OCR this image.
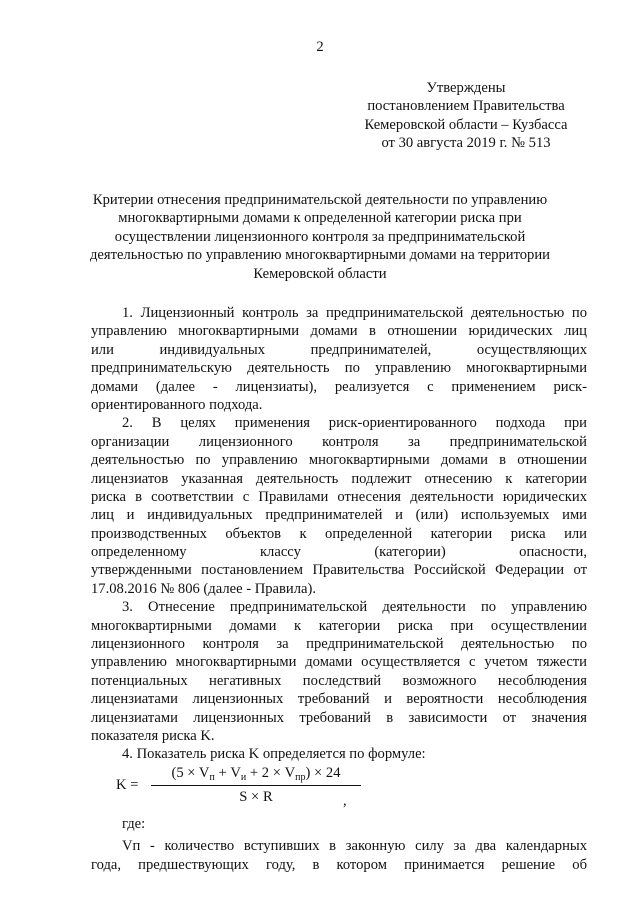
2
Утверждены
постановлением Правительства
Кемеровской области – Кузбасса
от 30 августа 2019 г. № 513
Критерии отнесения предпринимательской деятельности по управлению
многоквартирными домами к определенной категории риска при
осуществлении лицензионного контроля за предпринимательской
деятельностью по управлению многоквартирными домами на территории
Кемеровской области
1. Лицензионный контроль за предпринимательской деятельностью по
управлению многоквартирными домами в отношении юридических лиц
или индивидуальных предпринимателей, осуществляющих
предпринимательскую деятельность по управлению многоквартирными
домами (далее - лицензиаты), реализуется с применением риск-
ориентированного подхода.
2. В целях применения риск-ориентированного подхода при
организации лицензионного контроля за предпринимательской
деятельностью по управлению многоквартирными домами в отношении
лицензиатов указанная деятельность подлежит отнесению к категории
риска в соответствии с Правилами отнесения деятельности юридических
лиц и индивидуальных предпринимателей и (или) используемых ими
производственных объектов к определенной категории риска или
определенному классу (категории) опасности,
утвержденными постановлением Правительства Российской Федерации от
17.08.2016 № 806 (далее - Правила).
3. Отнесение предпринимательской деятельности по управлению
многоквартирными домами к категории риска при осуществлении
лицензионного контроля за предпринимательской деятельностью по
управлению многоквартирными домами осуществляется с учетом тяжести
потенциальных негативных последствий возможного несоблюдения
лицензиатами лицензионных требований и вероятности несоблюдения
лицензиатами лицензионных требований в зависимости от значения
показателя риска K.
4. Показатель риска K определяется по формуле:
K =
$(5 \times V_п + V_и + 2 \times V_{пр}) \times 24$
S × R	,
где:
Vп - количество вступивших в законную силу за два календарных
года, предшествующих году, в котором принимается решение об
